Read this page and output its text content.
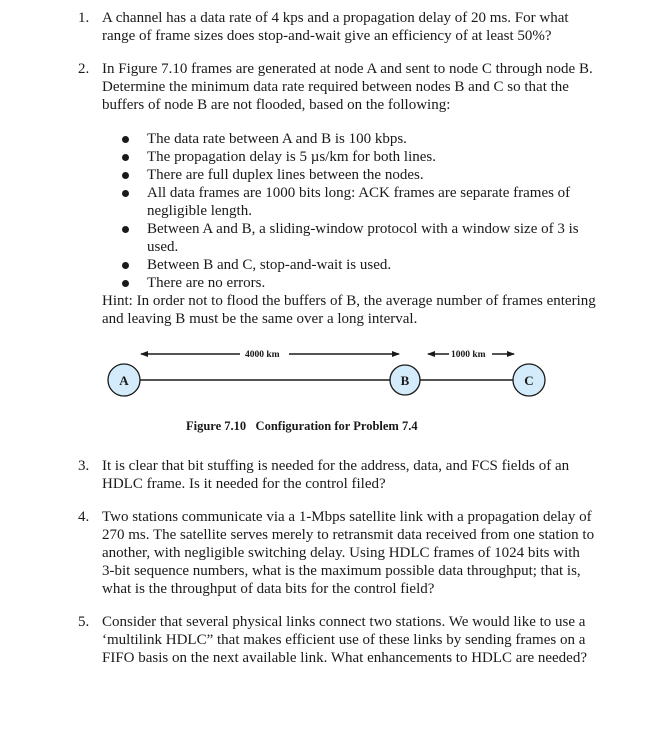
1. A channel has a data rate of 4 kps and a propagation delay of 20 ms. For what
range of frame sizes does stop-and-wait give an efficiency of at least 50%?
2. In Figure 7.10 frames are generated at node A and sent to node C through node B.
Determine the minimum data rate required between nodes B and C so that the
buffers of node B are not flooded, based on the following:
The data rate between A and B is 100 kbps.
The propagation delay is 5 µs/km for both lines.
There are full duplex lines between the nodes.
All data frames are 1000 bits long: ACK frames are separate frames of
negligible length.
Between A and B, a sliding-window protocol with a window size of 3 is
used.
Between B and C, stop-and-wait is used.
There are no errors.
Hint: In order not to flood the buffers of B, the average number of frames entering
and leaving B must be the same over a long interval.
4000 km	1000 km
A	B	C
Figure 7.10   Configuration for Problem 7.4
3. It is clear that bit stuffing is needed for the address, data, and FCS fields of an
HDLC frame. Is it needed for the control filed?
4. Two stations communicate via a 1-Mbps satellite link with a propagation delay of
270 ms. The satellite serves merely to retransmit data received from one station to
another, with negligible switching delay. Using HDLC frames of 1024 bits with
3-bit sequence numbers, what is the maximum possible data throughput; that is,
what is the throughput of data bits for the control field?
5. Consider that several physical links connect two stations. We would like to use a
‘multilink HDLC” that makes efficient use of these links by sending frames on a
FIFO basis on the next available link. What enhancements to HDLC are needed?
